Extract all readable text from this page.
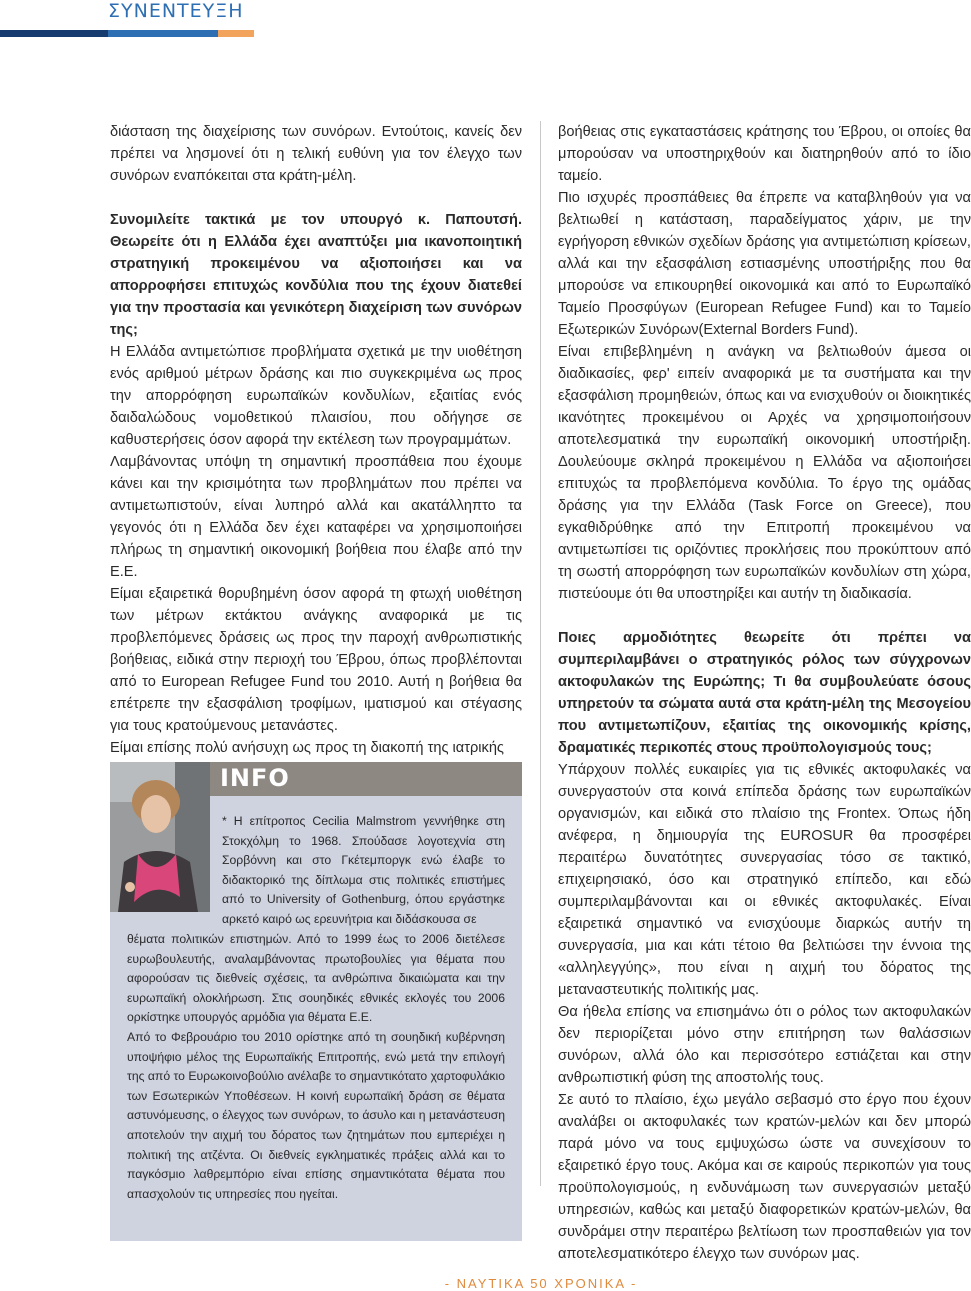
ΣΥΝΕΝΤΕΥΞΗ

διάσταση της διαχείρισης των συνόρων. Εντούτοις, κανείς δεν πρέπει να λησμονεί ότι η τελική ευθύνη για τον έλεγχο των συνόρων εναπόκειται στα κράτη-μέλη.

Συνομιλείτε τακτικά με τον υπουργό κ. Παπουτσή. Θεωρείτε ότι η Ελλάδα έχει αναπτύξει μια ικανοποιητική στρατηγική προκειμένου να αξιοποιήσει και να απορροφήσει επιτυχώς κονδύλια που της έχουν διατεθεί για την προστασία και γενικότερη διαχείριση των συνόρων της;

Η Ελλάδα αντιμετώπισε προβλήματα σχετικά με την υιοθέτηση ενός αριθμού μέτρων δράσης και πιο συγκεκριμένα ως προς την απορρόφηση ευρωπαϊκών κονδυλίων, εξαιτίας ενός δαιδαλώδους νομοθετικού πλαισίου, που οδήγησε σε καθυστερήσεις όσον αφορά την εκτέλεση των προγραμμάτων.

Λαμβάνοντας υπόψη τη σημαντική προσπάθεια που έχουμε κάνει και την κρισιμότητα των προβλημάτων που πρέπει να αντιμετωπιστούν, είναι λυπηρό αλλά και ακατάλληπτο τα γεγονός ότι η Ελλάδα δεν έχει καταφέρει να χρησιμοποιήσει πλήρως τη σημαντική οικονομική βοήθεια που έλαβε από την Ε.Ε.

Είμαι εξαιρετικά θορυβημένη όσον αφορά τη φτωχή υιοθέτηση των μέτρων εκτάκτου ανάγκης αναφορικά με τις προβλεπόμενες δράσεις ως προς την παροχή ανθρωπιστικής βοήθειας, ειδικά στην περιοχή του Έβρου, όπως προβλέπονται από το European Refugee Fund του 2010. Αυτή η βοήθεια θα επέτρεπε την εξασφάλιση τροφίμων, ιματισμού και στέγασης για τους κρατούμενους μετανάστες.

Είμαι επίσης πολύ ανήσυχη ως προς τη διακοπή της ιατρικής

INFO

* Η επίτροπος Cecilia Malmstrom γεννήθηκε στη Στοκχόλμη το 1968. Σπούδασε λογοτεχνία στη Σορβόννη και στο Γκέτεμποργκ ενώ έλαβε το διδακτορικό της δίπλωμα στις πολιτικές επιστήμες από το University of Gothenburg, όπου εργάστηκε αρκετό καιρό ως ερευνήτρια και διδάσκουσα σε

θέματα πολιτικών επιστημών. Από το 1999 έως το 2006 διετέλεσε ευρωβουλευτής, αναλαμβάνοντας πρωτοβουλίες για θέματα που αφορούσαν τις διεθνείς σχέσεις, τα ανθρώπινα δικαιώματα και την ευρωπαϊκή ολοκλήρωση. Στις σουηδικές εθνικές εκλογές του 2006 ορκίστηκε υπουργός αρμόδια για θέματα Ε.Ε.

Από το Φεβρουάριο του 2010 ορίστηκε από τη σουηδική κυβέρνηση υποψήφιο μέλος της Ευρωπαϊκής Επιτροπής, ενώ μετά την επιλογή της από το Ευρωκοινοβούλιο ανέλαβε το σημαντικότατο χαρτοφυλάκιο των Εσωτερικών Υποθέσεων. Η κοινή ευρωπαϊκή δράση σε θέματα αστυνόμευσης, ο έλεγχος των συνόρων, το άσυλο και η μετανάστευση αποτελούν την αιχμή του δόρατος των ζητημάτων που εμπεριέχει η πολιτική της ατζέντα. Οι διεθνείς εγκληματικές πράξεις αλλά και το παγκόσμιο λαθρεμπόριο είναι επίσης σημαντικότατα θέματα που απασχολούν τις υπηρεσίες που ηγείται.

βοήθειας στις εγκαταστάσεις κράτησης του Έβρου, οι οποίες θα μπορούσαν να υποστηριχθούν και διατηρηθούν από το ίδιο ταμείο.

Πιο ισχυρές προσπάθειες θα έπρεπε να καταβληθούν για να βελτιωθεί η κατάσταση, παραδείγματος χάριν, με την εγρήγορση εθνικών σχεδίων δράσης για αντιμετώπιση κρίσεων, αλλά και την εξασφάλιση εστιασμένης υποστήριξης που θα μπορούσε να επικουρηθεί οικονομικά και από το Ευρωπαϊκό Ταμείο Προσφύγων (European Refugee Fund) και το Ταμείο Εξωτερικών Συνόρων(External Borders Fund).

Είναι επιβεβλημένη η ανάγκη να βελτιωθούν άμεσα οι διαδικασίες, φερ' ειπείν αναφορικά με τα συστήματα και την εξασφάλιση προμηθειών, όπως και να ενισχυθούν οι διοικητικές ικανότητες προκειμένου οι Αρχές να χρησιμοποιήσουν αποτελεσματικά την ευρωπαϊκή οικονομική υποστήριξη. Δουλεύουμε σκληρά προκειμένου η Ελλάδα να αξιοποιήσει επιτυχώς τα προβλεπόμενα κονδύλια. Το έργο της ομάδας δράσης για την Ελλάδα (Task Force on Greece), που εγκαθιδρύθηκε από την Επιτροπή προκειμένου να αντιμετωπίσει τις οριζόντιες προκλήσεις που προκύπτουν από τη σωστή απορρόφηση των ευρωπαϊκών κονδυλίων στη χώρα, πιστεύουμε ότι θα υποστηρίξει και αυτήν τη διαδικασία.

Ποιες αρμοδιότητες θεωρείτε ότι πρέπει να συμπεριλαμβάνει ο στρατηγικός ρόλος των σύγχρονων ακτοφυλακών της Ευρώπης; Τι θα συμβουλεύατε όσους υπηρετούν τα σώματα αυτά στα κράτη-μέλη της Μεσογείου που αντιμετωπίζουν, εξαιτίας της οικονομικής κρίσης, δραματικές περικοπές στους προϋπολογισμούς τους;

Υπάρχουν πολλές ευκαιρίες για τις εθνικές ακτοφυλακές να συνεργαστούν στα κοινά επίπεδα δράσης των ευρωπαϊκών οργανισμών, και ειδικά στο πλαίσιο της Frontex. Όπως ήδη ανέφερα, η δημιουργία της EUROSUR θα προσφέρει περαιτέρω δυνατότητες συνεργασίας τόσο σε τακτικό, επιχειρησιακό, όσο και στρατηγικό επίπεδο, και εδώ συμπεριλαμβάνονται και οι εθνικές ακτοφυλακές. Είναι εξαιρετικά σημαντικό να ενισχύουμε διαρκώς αυτήν τη συνεργασία, μια και κάτι τέτοιο θα βελτιώσει την έννοια της «αλληλεγγύης», που είναι η αιχμή του δόρατος της μεταναστευτικής πολιτικής μας.

Θα ήθελα επίσης να επισημάνω ότι ο ρόλος των ακτοφυλακών δεν περιορίζεται μόνο στην επιτήρηση των θαλάσσιων συνόρων, αλλά όλο και περισσότερο εστιάζεται και στην ανθρωπιστική φύση της αποστολής τους.

Σε αυτό το πλαίσιο, έχω μεγάλο σεβασμό στο έργο που έχουν αναλάβει οι ακτοφυλακές των κρατών-μελών και δεν μπορώ παρά μόνο να τους εμψυχώσω ώστε να συνεχίσουν το εξαιρετικό έργο τους. Ακόμα και σε καιρούς περικοπών για τους προϋπολογισμούς, η ενδυνάμωση των συνεργασιών μεταξύ υπηρεσιών, καθώς και μεταξύ διαφορετικών κρατών-μελών, θα συνδράμει στην περαιτέρω βελτίωση των προσπαθειών για τον αποτελεσματικότερο έλεγχο των συνόρων μας.

- ΝΑΥΤΙΚΑ 50 ΧΡΟΝΙΚΑ -
